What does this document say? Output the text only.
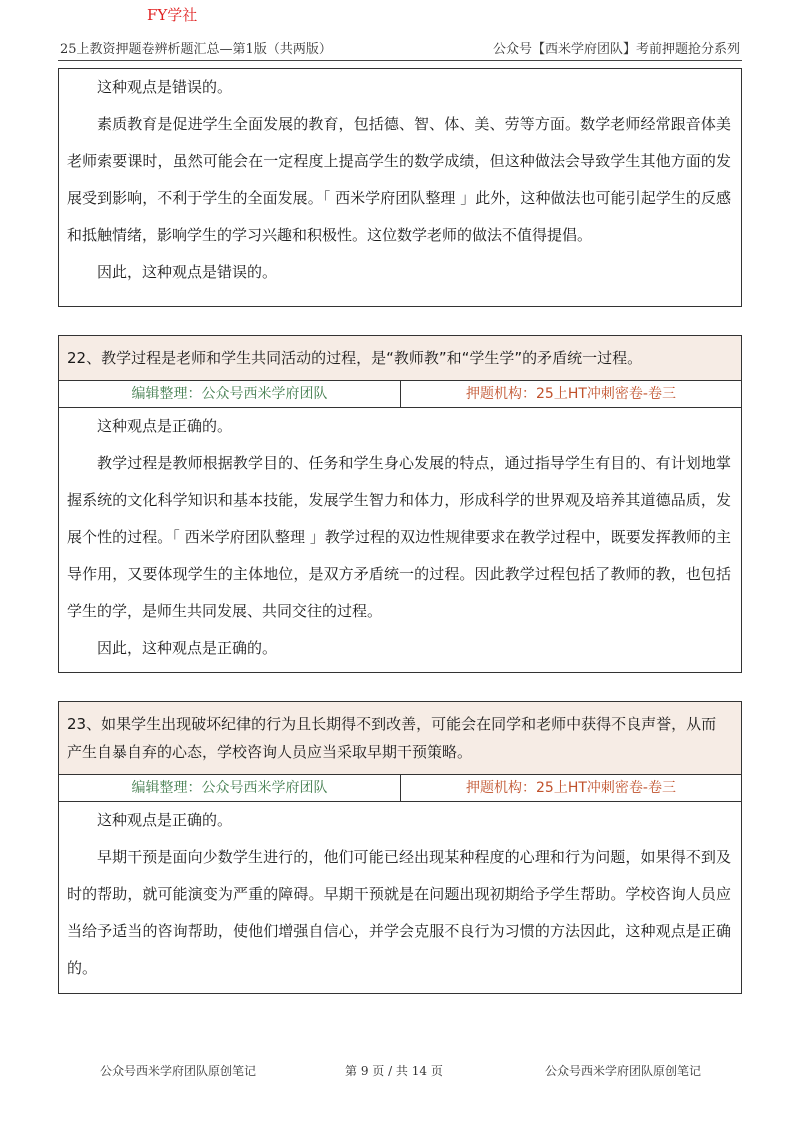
FY学社
25上教资押题卷辨析题汇总—第1版（共两版）	公众号【西米学府团队】考前押题抢分系列

这种观点是错误的。

素质教育是促进学生全面发展的教育，包括德、智、体、美、劳等方面。数学老师经常跟音体美老师索要课时，虽然可能会在一定程度上提高学生的数学成绩，但这种做法会导致学生其他方面的发展受到影响，不利于学生的全面发展。「 西米学府团队整理 」此外，这种做法也可能引起学生的反感和抵触情绪，影响学生的学习兴趣和积极性。这位数学老师的做法不值得提倡。

因此，这种观点是错误的。

22、教学过程是老师和学生共同活动的过程，是“教师教”和“学生学”的矛盾统一过程。
编辑整理：公众号西米学府团队	押题机构：25上HT冲刺密卷-卷三

这种观点是正确的。

教学过程是教师根据教学目的、任务和学生身心发展的特点，通过指导学生有目的、有计划地掌握系统的文化科学知识和基本技能，发展学生智力和体力，形成科学的世界观及培养其道德品质，发展个性的过程。「 西米学府团队整理 」教学过程的双边性规律要求在教学过程中，既要发挥教师的主导作用，又要体现学生的主体地位，是双方矛盾统一的过程。因此教学过程包括了教师的教，也包括学生的学，是师生共同发展、共同交往的过程。

因此，这种观点是正确的。

23、如果学生出现破坏纪律的行为且长期得不到改善，可能会在同学和老师中获得不良声誉，从而产生自暴自弃的心态，学校咨询人员应当采取早期干预策略。
编辑整理：公众号西米学府团队	押题机构：25上HT冲刺密卷-卷三

这种观点是正确的。

早期干预是面向少数学生进行的，他们可能已经出现某种程度的心理和行为问题，如果得不到及时的帮助，就可能演变为严重的障碍。早期干预就是在问题出现初期给予学生帮助。学校咨询人员应当给予适当的咨询帮助，使他们增强自信心，并学会克服不良行为习惯的方法因此，这种观点是正确的。

公众号西米学府团队原创笔记	第 9 页 / 共 14 页	公众号西米学府团队原创笔记
